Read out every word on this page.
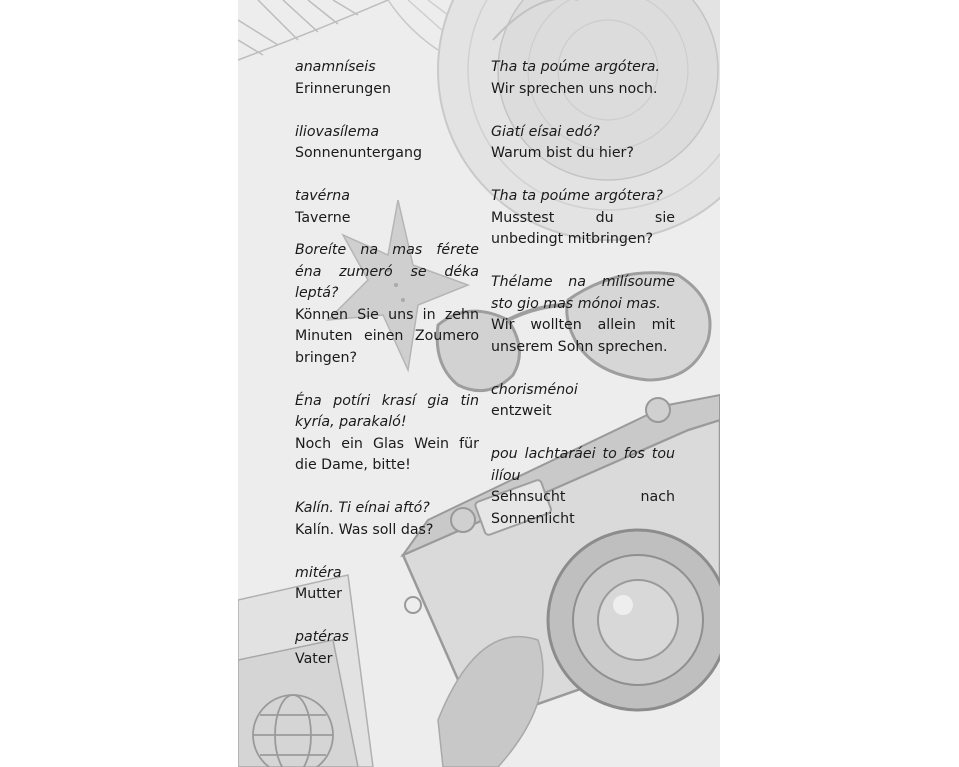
anamníseis
Erinnerungen
iliovasílema
Sonnenuntergang
tavérna
Taverne
Boreíte na mas férete éna zumeró se déka leptá?
Können Sie uns in zehn Minuten einen Zoumero bringen?
Éna potíri krasí gia tin kyría, parakaló!
Noch ein Glas Wein für die Dame, bitte!
Kalín. Ti eínai aftó?
Kalín. Was soll das?
mitéra
Mutter
patéras
Vater
Tha ta poúme argótera.
Wir sprechen uns noch.
Giatí eísai edó?
Warum bist du hier?
Tha ta poúme argótera?
Musstest du sie unbedingt mitbringen?
Thélame na milísoume sto gio mas mónoi mas.
Wir wollten allein mit unserem Sohn sprechen.
chorisménoi
entzweit
pou lachtaráei to fos tou ilíou
Sehnsucht nach Sonnenlicht
